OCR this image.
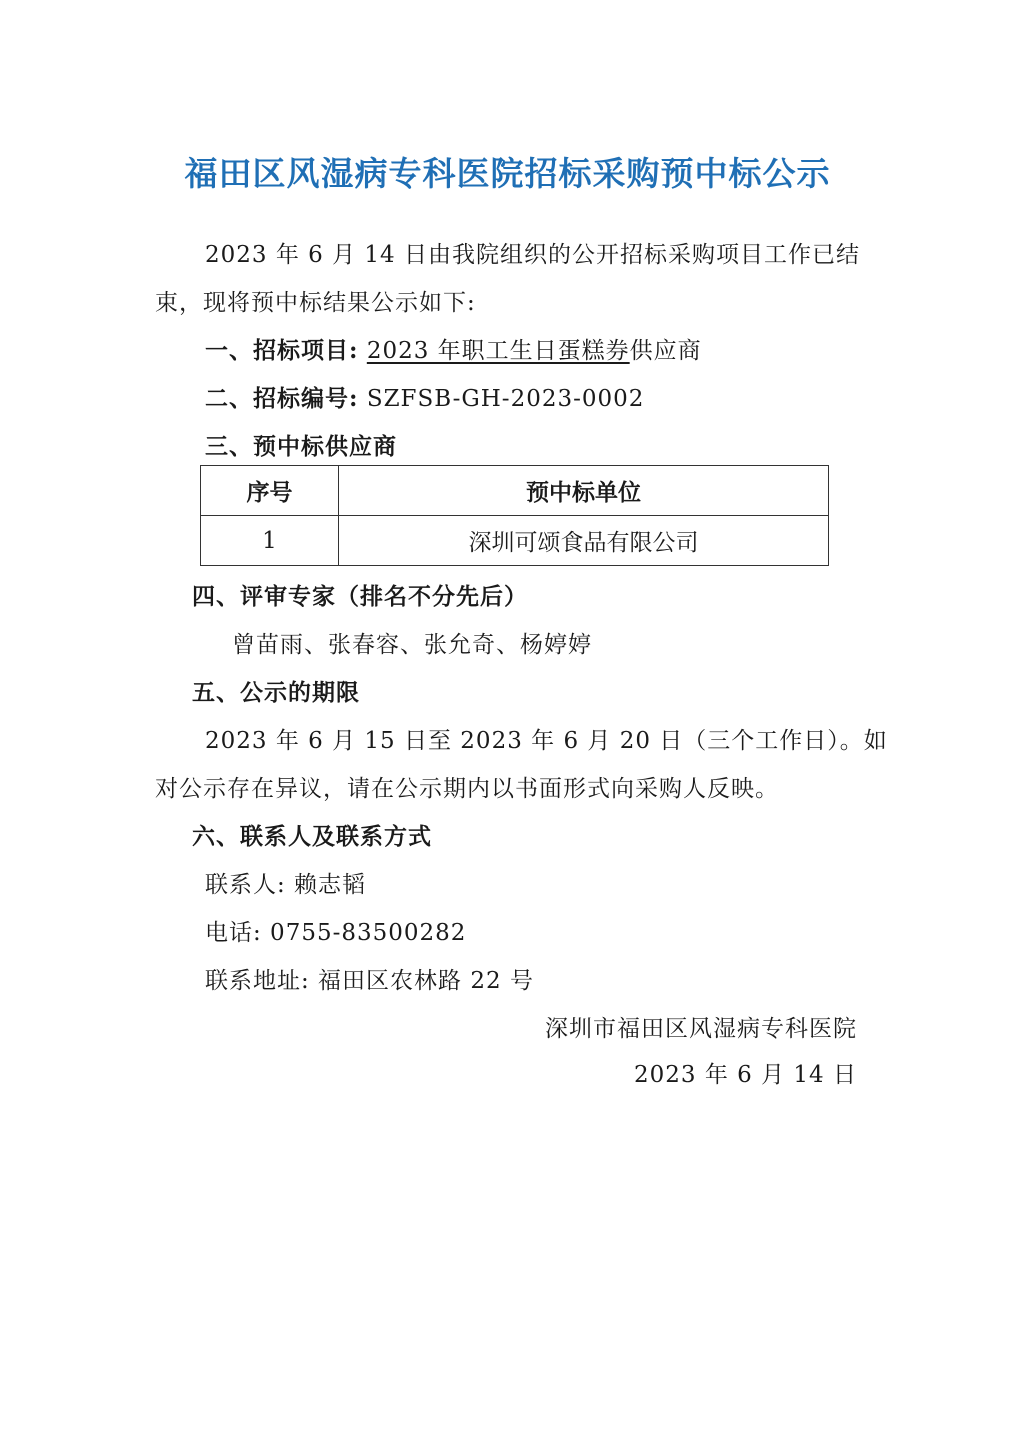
福田区风湿病专科医院招标采购预中标公示
2023 年 6 月 14 日由我院组织的公开招标采购项目工作已结
束，现将预中标结果公示如下:
一、招标项目: 2023 年职工生日蛋糕券供应商
二、招标编号: SZFSB-GH-2023-0002
三、预中标供应商
序号	预中标单位
1	深圳可颂食品有限公司
四、评审专家（排名不分先后）
曾苗雨、张春容、张允奇、杨婷婷
五、公示的期限
2023 年 6 月 15 日至 2023 年 6 月 20 日（三个工作日）。如
对公示存在异议，请在公示期内以书面形式向采购人反映。
六、联系人及联系方式
联系人: 赖志韬
电话: 0755-83500282
联系地址: 福田区农林路 22 号
深圳市福田区风湿病专科医院
2023 年 6 月 14 日
